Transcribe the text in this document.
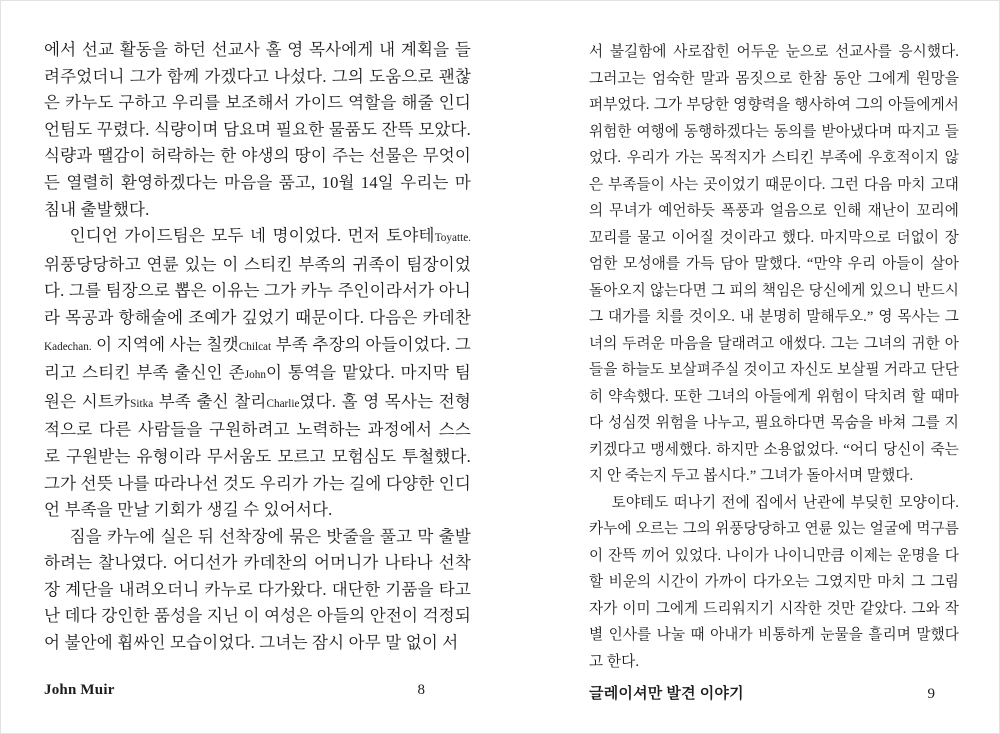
에서 선교 활동을 하던 선교사 홀 영 목사에게 내 계획을 들려주었더니 그가 함께 가겠다고 나섰다. 그의 도움으로 괜찮은 카누도 구하고 우리를 보조해서 가이드 역할을 해줄 인디언팀도 꾸렸다. 식량이며 담요며 필요한 물품도 잔뜩 모았다. 식량과 땔감이 허락하는 한 야생의 땅이 주는 선물은 무엇이든 열렬히 환영하겠다는 마음을 품고, 10월 14일 우리는 마침내 출발했다.

인디언 가이드팀은 모두 네 명이었다. 먼저 토야테Toyatte. 위풍당당하고 연륜 있는 이 스티킨 부족의 귀족이 팀장이었다. 그를 팀장으로 뽑은 이유는 그가 카누 주인이라서가 아니라 목공과 항해술에 조예가 깊었기 때문이다. 다음은 카데찬Kadechan. 이 지역에 사는 칠캣Chilcat 부족 추장의 아들이었다. 그리고 스티킨 부족 출신인 존John이 통역을 맡았다. 마지막 팀원은 시트카Sitka 부족 출신 찰리Charlie였다. 홀 영 목사는 전형적으로 다른 사람들을 구원하려고 노력하는 과정에서 스스로 구원받는 유형이라 무서움도 모르고 모험심도 투철했다. 그가 선뜻 나를 따라나선 것도 우리가 가는 길에 다양한 인디언 부족을 만날 기회가 생길 수 있어서다.

짐을 카누에 실은 뒤 선착장에 묶은 밧줄을 풀고 막 출발하려는 찰나였다. 어디선가 카데찬의 어머니가 나타나 선착장 계단을 내려오더니 카누로 다가왔다. 대단한 기품을 타고난 데다 강인한 품성을 지닌 이 여성은 아들의 안전이 걱정되어 불안에 휩싸인 모습이었다. 그녀는 잠시 아무 말 없이 서

서 불길함에 사로잡힌 어두운 눈으로 선교사를 응시했다. 그러고는 엄숙한 말과 몸짓으로 한참 동안 그에게 원망을 퍼부었다. 그가 부당한 영향력을 행사하여 그의 아들에게서 위험한 여행에 동행하겠다는 동의를 받아냈다며 따지고 들었다. 우리가 가는 목적지가 스티킨 부족에 우호적이지 않은 부족들이 사는 곳이었기 때문이다. 그런 다음 마치 고대의 무녀가 예언하듯 폭풍과 얼음으로 인해 재난이 꼬리에 꼬리를 물고 이어질 것이라고 했다. 마지막으로 더없이 장엄한 모성애를 가득 담아 말했다. “만약 우리 아들이 살아 돌아오지 않는다면 그 피의 책임은 당신에게 있으니 반드시 그 대가를 치를 것이오. 내 분명히 말해두오.” 영 목사는 그녀의 두려운 마음을 달래려고 애썼다. 그는 그녀의 귀한 아들을 하늘도 보살펴주실 것이고 자신도 보살필 거라고 단단히 약속했다. 또한 그녀의 아들에게 위험이 닥치려 할 때마다 성심껏 위험을 나누고, 필요하다면 목숨을 바쳐 그를 지키겠다고 맹세했다. 하지만 소용없었다. “어디 당신이 죽는지 안 죽는지 두고 봅시다.” 그녀가 돌아서며 말했다.

토야테도 떠나기 전에 집에서 난관에 부딪힌 모양이다. 카누에 오르는 그의 위풍당당하고 연륜 있는 얼굴에 먹구름이 잔뜩 끼어 있었다. 나이가 나이니만큼 이제는 운명을 다할 비운의 시간이 가까이 다가오는 그였지만 마치 그 그림자가 이미 그에게 드리워지기 시작한 것만 같았다. 그와 작별 인사를 나눌 때 아내가 비통하게 눈물을 흘리며 말했다고 한다.

John Muir	8	글레이셔만 발견 이야기	9
